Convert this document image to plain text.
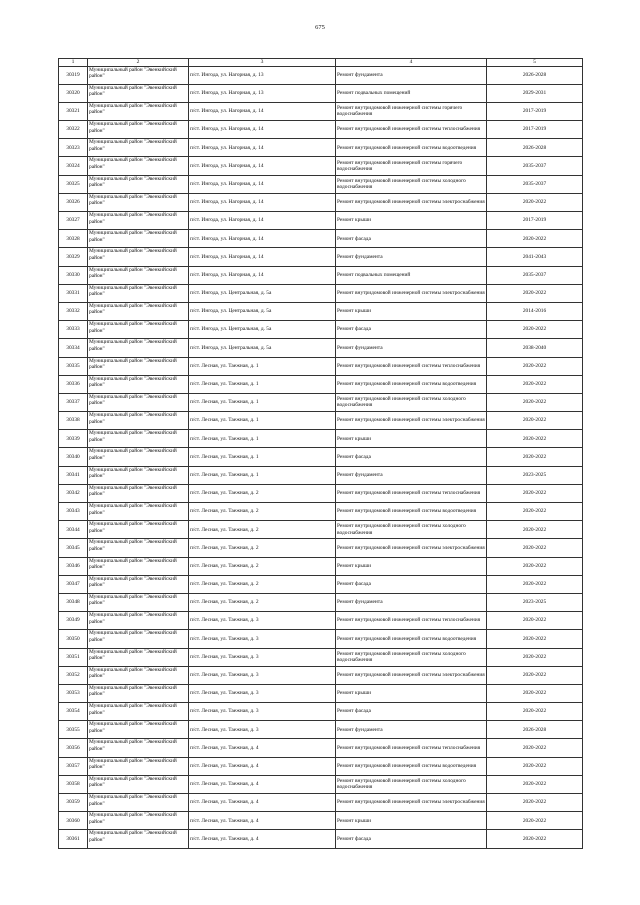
675
1	2	3	4	5
30319	Муниципальный район "Эвенкийский район"	п/ст. Ингода, ул. Нагорная, д. 13	Ремонт фундамента	2026-2028
30320	Муниципальный район "Эвенкийский район"	п/ст. Ингода, ул. Нагорная, д. 13	Ремонт подвальных помещений	2029-2031
30321	Муниципальный район "Эвенкийский район"	п/ст. Ингода, ул. Нагорная, д. 14	Ремонт внутридомовой инженерной системы горячего водоснабжения	2017-2019
30322	Муниципальный район "Эвенкийский район"	п/ст. Ингода, ул. Нагорная, д. 14	Ремонт внутридомовой инженерной системы теплоснабжения	2017-2019
30323	Муниципальный район "Эвенкийский район"	п/ст. Ингода, ул. Нагорная, д. 14	Ремонт внутридомовой инженерной системы водоотведения	2026-2028
30324	Муниципальный район "Эвенкийский район"	п/ст. Ингода, ул. Нагорная, д. 14	Ремонт внутридомовой инженерной системы горячего водоснабжения	2035-2037
30325	Муниципальный район "Эвенкийский район"	п/ст. Ингода, ул. Нагорная, д. 14	Ремонт внутридомовой инженерной системы холодного водоснабжения	2035-2037
30326	Муниципальный район "Эвенкийский район"	п/ст. Ингода, ул. Нагорная, д. 14	Ремонт внутридомовой инженерной системы электроснабжения	2020-2022
30327	Муниципальный район "Эвенкийский район"	п/ст. Ингода, ул. Нагорная, д. 14	Ремонт крыши	2017-2019
30328	Муниципальный район "Эвенкийский район"	п/ст. Ингода, ул. Нагорная, д. 14	Ремонт фасада	2020-2022
30329	Муниципальный район "Эвенкийский район"	п/ст. Ингода, ул. Нагорная, д. 14	Ремонт фундамента	2041-2043
30330	Муниципальный район "Эвенкийский район"	п/ст. Ингода, ул. Нагорная, д. 14	Ремонт подвальных помещений	2035-2037
30331	Муниципальный район "Эвенкийский район"	п/ст. Ингода, ул. Центральная, д. 5а	Ремонт внутридомовой инженерной системы электроснабжения	2020-2022
30332	Муниципальный район "Эвенкийский район"	п/ст. Ингода, ул. Центральная, д. 5а	Ремонт крыши	2014-2016
30333	Муниципальный район "Эвенкийский район"	п/ст. Ингода, ул. Центральная, д. 5а	Ремонт фасада	2020-2022
30334	Муниципальный район "Эвенкийский район"	п/ст. Ингода, ул. Центральная, д. 5а	Ремонт фундамента	2038-2040
30335	Муниципальный район "Эвенкийский район"	п/ст. Лесная, ул. Таежная, д. 1	Ремонт внутридомовой инженерной системы теплоснабжения	2020-2022
30336	Муниципальный район "Эвенкийский район"	п/ст. Лесная, ул. Таежная, д. 1	Ремонт внутридомовой инженерной системы водоотведения	2020-2022
30337	Муниципальный район "Эвенкийский район"	п/ст. Лесная, ул. Таежная, д. 1	Ремонт внутридомовой инженерной системы холодного водоснабжения	2020-2022
30338	Муниципальный район "Эвенкийский район"	п/ст. Лесная, ул. Таежная, д. 1	Ремонт внутридомовой инженерной системы электроснабжения	2020-2022
30339	Муниципальный район "Эвенкийский район"	п/ст. Лесная, ул. Таежная, д. 1	Ремонт крыши	2020-2022
30340	Муниципальный район "Эвенкийский район"	п/ст. Лесная, ул. Таежная, д. 1	Ремонт фасада	2020-2022
30341	Муниципальный район "Эвенкийский район"	п/ст. Лесная, ул. Таежная, д. 1	Ремонт фундамента	2023-2025
30342	Муниципальный район "Эвенкийский район"	п/ст. Лесная, ул. Таежная, д. 2	Ремонт внутридомовой инженерной системы теплоснабжения	2020-2022
30343	Муниципальный район "Эвенкийский район"	п/ст. Лесная, ул. Таежная, д. 2	Ремонт внутридомовой инженерной системы водоотведения	2020-2022
30344	Муниципальный район "Эвенкийский район"	п/ст. Лесная, ул. Таежная, д. 2	Ремонт внутридомовой инженерной системы холодного водоснабжения	2020-2022
30345	Муниципальный район "Эвенкийский район"	п/ст. Лесная, ул. Таежная, д. 2	Ремонт внутридомовой инженерной системы электроснабжения	2020-2022
30346	Муниципальный район "Эвенкийский район"	п/ст. Лесная, ул. Таежная, д. 2	Ремонт крыши	2020-2022
30347	Муниципальный район "Эвенкийский район"	п/ст. Лесная, ул. Таежная, д. 2	Ремонт фасада	2020-2022
30348	Муниципальный район "Эвенкийский район"	п/ст. Лесная, ул. Таежная, д. 2	Ремонт фундамента	2023-2025
30349	Муниципальный район "Эвенкийский район"	п/ст. Лесная, ул. Таежная, д. 3	Ремонт внутридомовой инженерной системы теплоснабжения	2020-2022
30350	Муниципальный район "Эвенкийский район"	п/ст. Лесная, ул. Таежная, д. 3	Ремонт внутридомовой инженерной системы водоотведения	2020-2022
30351	Муниципальный район "Эвенкийский район"	п/ст. Лесная, ул. Таежная, д. 3	Ремонт внутридомовой инженерной системы холодного водоснабжения	2020-2022
30352	Муниципальный район "Эвенкийский район"	п/ст. Лесная, ул. Таежная, д. 3	Ремонт внутридомовой инженерной системы электроснабжения	2020-2022
30353	Муниципальный район "Эвенкийский район"	п/ст. Лесная, ул. Таежная, д. 3	Ремонт крыши	2020-2022
30354	Муниципальный район "Эвенкийский район"	п/ст. Лесная, ул. Таежная, д. 3	Ремонт фасада	2020-2022
30355	Муниципальный район "Эвенкийский район"	п/ст. Лесная, ул. Таежная, д. 3	Ремонт фундамента	2026-2028
30356	Муниципальный район "Эвенкийский район"	п/ст. Лесная, ул. Таежная, д. 4	Ремонт внутридомовой инженерной системы теплоснабжения	2020-2022
30357	Муниципальный район "Эвенкийский район"	п/ст. Лесная, ул. Таежная, д. 4	Ремонт внутридомовой инженерной системы водоотведения	2020-2022
30358	Муниципальный район "Эвенкийский район"	п/ст. Лесная, ул. Таежная, д. 4	Ремонт внутридомовой инженерной системы холодного водоснабжения	2020-2022
30359	Муниципальный район "Эвенкийский район"	п/ст. Лесная, ул. Таежная, д. 4	Ремонт внутридомовой инженерной системы электроснабжения	2020-2022
30360	Муниципальный район "Эвенкийский район"	п/ст. Лесная, ул. Таежная, д. 4	Ремонт крыши	2020-2022
30361	Муниципальный район "Эвенкийский район"	п/ст. Лесная, ул. Таежная, д. 4	Ремонт фасада	2020-2022
